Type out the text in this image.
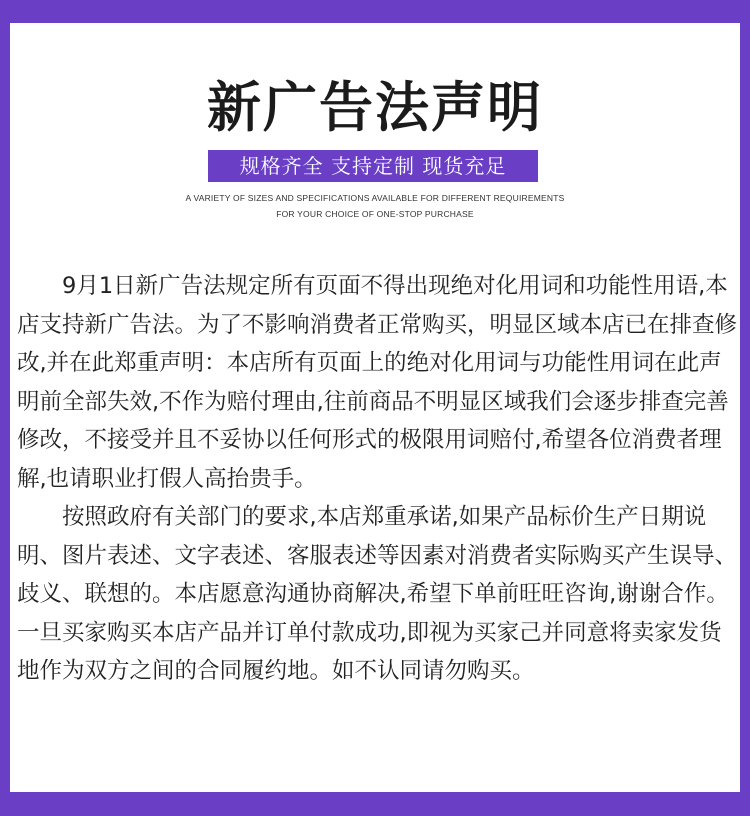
新广告法声明
规格齐全 支持定制 现货充足
A VARIETY OF SIZES AND SPECIFICATIONS AVAILABLE FOR DIFFERENT REQUIREMENTS
FOR YOUR CHOICE OF ONE-STOP PURCHASE

9月1日新广告法规定所有页面不得出现绝对化用词和功能性用语,本店支持新广告法。为了不影响消费者正常购买，明显区域本店已在排查修改,并在此郑重声明：本店所有页面上的绝对化用词与功能性用词在此声明前全部失效,不作为赔付理由,往前商品不明显区域我们会逐步排查完善修改，不接受并且不妥协以任何形式的极限用词赔付,希望各位消费者理解,也请职业打假人高抬贵手。

按照政府有关部门的要求,本店郑重承诺,如果产品标价生产日期说明、图片表述、文字表述、客服表述等因素对消费者实际购买产生误导、歧义、联想的。本店愿意沟通协商解决,希望下单前旺旺咨询,谢谢合作。一旦买家购买本店产品并订单付款成功,即视为买家己并同意将卖家发货地作为双方之间的合同履约地。如不认同请勿购买。
